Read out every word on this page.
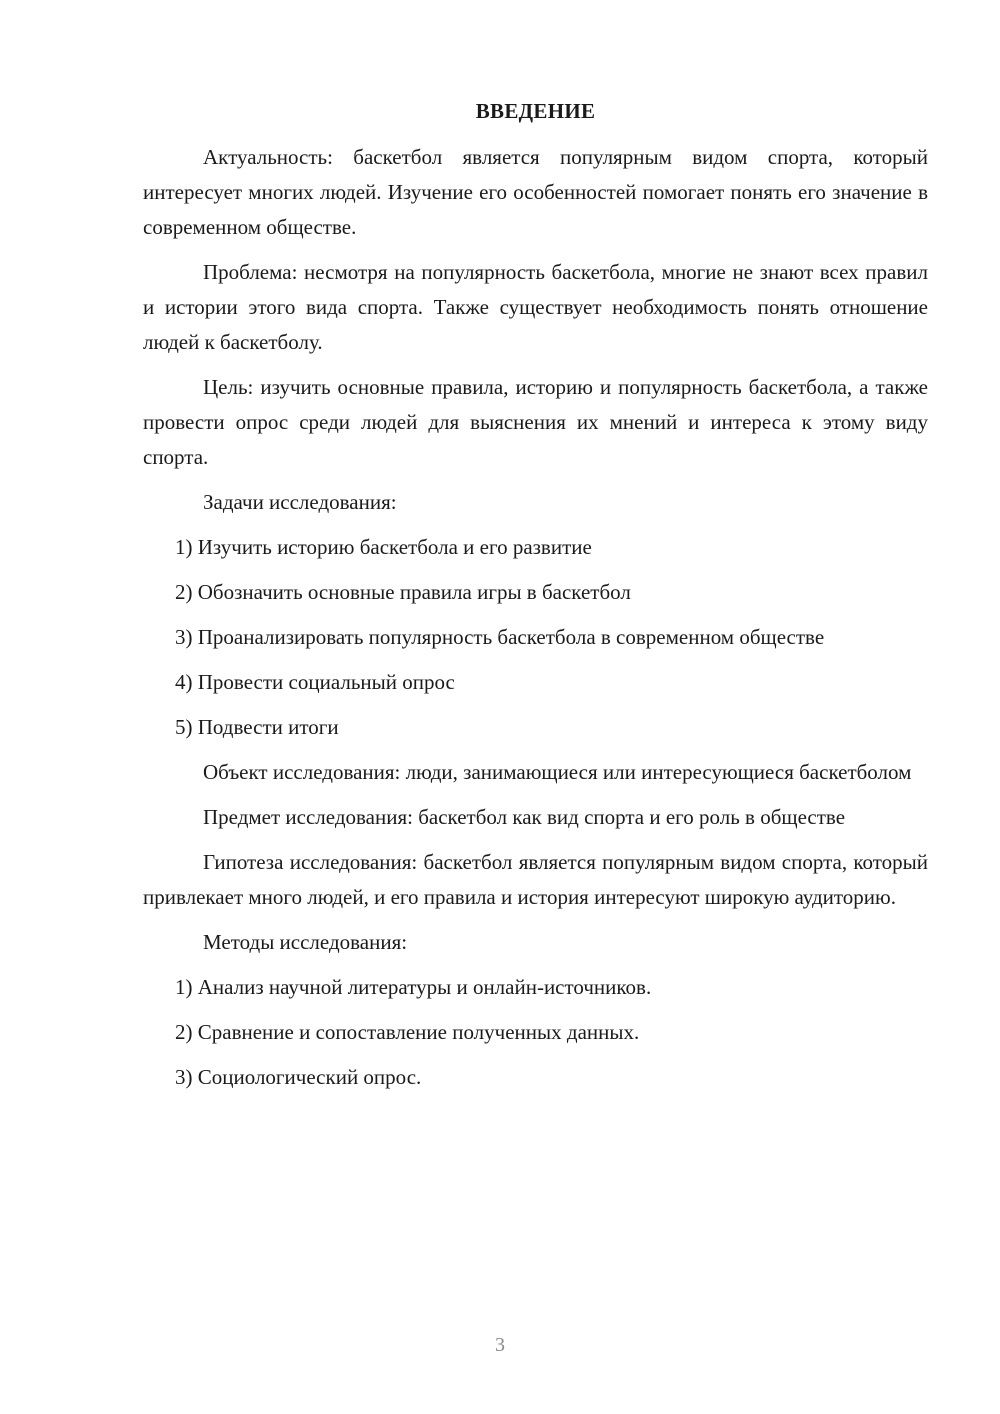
ВВЕДЕНИЕ

Актуальность: баскетбол является популярным видом спорта, который интересует многих людей. Изучение его особенностей помогает понять его значение в современном обществе.

Проблема: несмотря на популярность баскетбола, многие не знают всех правил и истории этого вида спорта. Также существует необходимость понять отношение людей к баскетболу.

Цель: изучить основные правила, историю и популярность баскетбола, а также провести опрос среди людей для выяснения их мнений и интереса к этому виду спорта.

Задачи исследования:

1) Изучить историю баскетбола и его развитие

2) Обозначить основные правила игры в баскетбол

3) Проанализировать популярность баскетбола в современном обществе

4) Провести социальный опрос

5) Подвести итоги

Объект исследования: люди, занимающиеся или интересующиеся баскетболом

Предмет исследования: баскетбол как вид спорта и его роль в обществе

Гипотеза исследования: баскетбол является популярным видом спорта, который привлекает много людей, и его правила и история интересуют широкую аудиторию.

Методы исследования:

1) Анализ научной литературы и онлайн-источников.

2) Сравнение и сопоставление полученных данных.

3) Социологический опрос.

3
